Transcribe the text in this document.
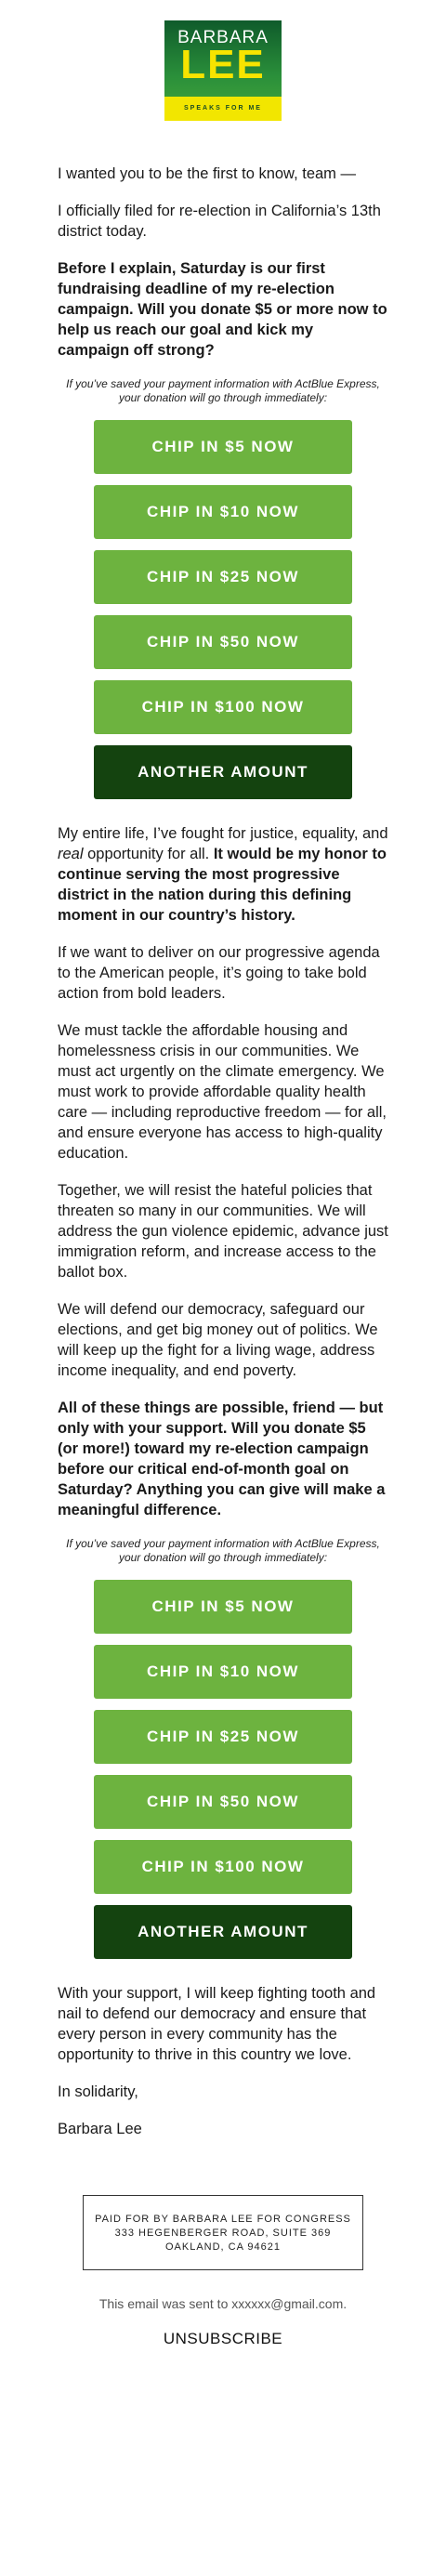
BARBARA
LEE
SPEAKS FOR ME

I wanted you to be the first to know, team —

I officially filed for re-election in California’s 13th district today.

Before I explain, Saturday is our first fundraising deadline of my re-election campaign. Will you donate $5 or more now to help us reach our goal and kick my campaign off strong?

If you’ve saved your payment information with ActBlue Express, your donation will go through immediately:
CHIP IN $5 NOW
CHIP IN $10 NOW
CHIP IN $25 NOW
CHIP IN $50 NOW
CHIP IN $100 NOW
ANOTHER AMOUNT

My entire life, I’ve fought for justice, equality, and real opportunity for all. It would be my honor to continue serving the most progressive district in the nation during this defining moment in our country’s history.

If we want to deliver on our progressive agenda to the American people, it’s going to take bold action from bold leaders.

We must tackle the affordable housing and homelessness crisis in our communities. We must act urgently on the climate emergency. We must work to provide affordable quality health care — including reproductive freedom — for all, and ensure everyone has access to high-quality education.

Together, we will resist the hateful policies that threaten so many in our communities. We will address the gun violence epidemic, advance just immigration reform, and increase access to the ballot box.

We will defend our democracy, safeguard our elections, and get big money out of politics. We will keep up the fight for a living wage, address income inequality, and end poverty.

All of these things are possible, friend — but only with your support. Will you donate $5 (or more!) toward my re-election campaign before our critical end-of-month goal on Saturday? Anything you can give will make a meaningful difference.

If you’ve saved your payment information with ActBlue Express, your donation will go through immediately:
CHIP IN $5 NOW
CHIP IN $10 NOW
CHIP IN $25 NOW
CHIP IN $50 NOW
CHIP IN $100 NOW
ANOTHER AMOUNT

With your support, I will keep fighting tooth and nail to defend our democracy and ensure that every person in every community has the opportunity to thrive in this country we love.

In solidarity,

Barbara Lee

PAID FOR BY BARBARA LEE FOR CONGRESS
333 HEGENBERGER ROAD, SUITE 369
OAKLAND, CA 94621
This email was sent to xxxxxx@gmail.com.
UNSUBSCRIBE
